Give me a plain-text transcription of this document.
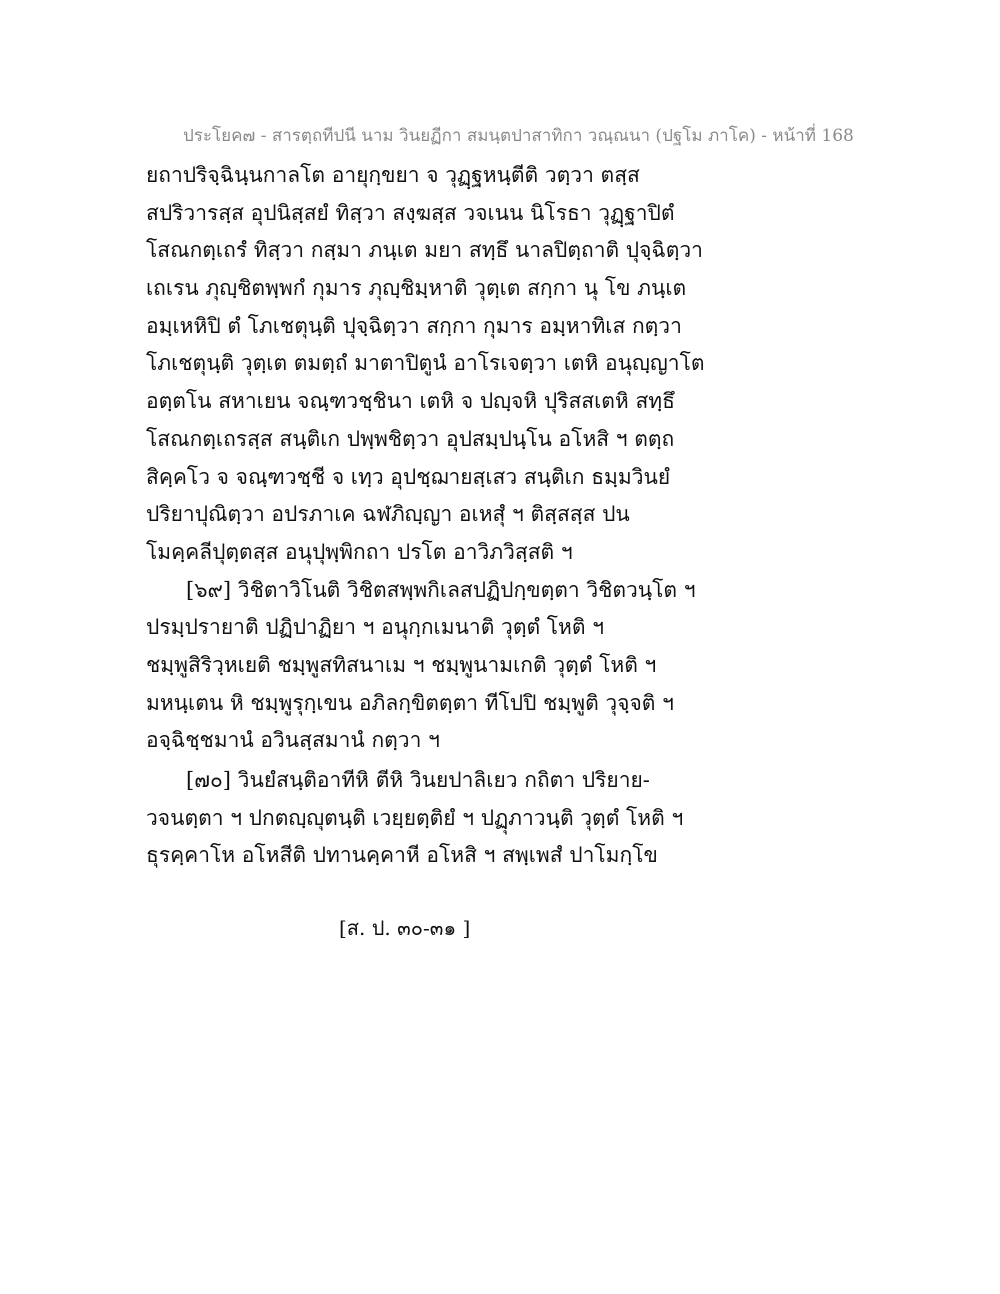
ประโยค๗ - สารตฺถทีปนี นาม วินยฏีกา สมนฺตปาสาทิกา วณฺณนา (ปฐโม ภาโค) - หน้าที่ 168
ยถาปริจฺฉินฺนกาลโต อายุกฺขยา จ วุฏฺฐหนฺตีติ วตฺวา ตสฺส
สปริวารสฺส อุปนิสฺสยํ ทิสฺวา สงฺฆสฺส วจเนน นิโรธา วุฏฺฐาปิตํ
โสณกตฺเถรํ ทิสฺวา กสฺมา ภนฺเต มยา สทฺธึ นาลปิตฺถาติ ปุจฺฉิตฺวา
เถเรน ภุญฺชิตพฺพกํ กุมาร ภุญฺชิมฺหาติ วุตฺเต สกฺกา นุ โข ภนฺเต
อมฺเหหิปิ ตํ โภเชตุนฺติ ปุจฺฉิตฺวา สกฺกา กุมาร อมฺหาทิเส กตฺวา
โภเชตุนฺติ วุตฺเต ตมตฺถํ มาตาปิตูนํ อาโรเจตฺวา เตหิ อนุญฺญาโต
อตฺตโน สหาเยน จณฺฑวชฺชินา เตหิ จ ปญฺจหิ ปุริสสเตหิ สทฺธึ
โสณกตฺเถรสฺส สนฺติเก ปพฺพชิตฺวา อุปสมฺปนฺโน อโหสิ ฯ ตตฺถ
สิคฺคโว จ จณฺฑวชฺชี จ เทฺว อุปชฺฌายสฺเสว สนฺติเก ธมฺมวินยํ
ปริยาปุณิตฺวา อปรภาเค ฉฬภิญฺญา อเหสุํ ฯ ติสฺสสฺส ปน
โมคฺคลีปุตฺตสฺส อนุปุพฺพิกถา ปรโต อาวิภวิสฺสติ ฯ
[๖๙] วิชิตาวิโนติ วิชิตสพฺพกิเลสปฏิปกฺขตฺตา วิชิตวนฺโต ฯ
ปรมฺปรายาติ ปฏิปาฏิยา ฯ อนุกฺกเมนาติ วุตฺตํ โหติ ฯ
ชมฺพูสิริวฺหเยติ ชมฺพูสทิสนาเม ฯ ชมฺพูนามเกติ วุตฺตํ โหติ ฯ
มหนฺเตน หิ ชมฺพูรุกฺเขน อภิลกฺขิตตฺตา ทีโปปิ ชมฺพูติ วุจฺจติ ฯ
อจฺฉิชฺชมานํ อวินสฺสมานํ กตฺวา ฯ
[๗๐] วินยํสนฺติอาทีหิ ตีหิ วินยปาลิเยว กถิตา ปริยาย-
วจนตฺตา ฯ ปกตญฺญุตนฺติ เวยฺยตฺติยํ ฯ ปฏุภาวนฺติ วุตฺตํ โหติ ฯ
ธุรคฺคาโห อโหสีติ ปทานคฺคาหี อโหสิ ฯ สพฺเพสํ ปาโมกฺโข
[ส. ป. ๓๐-๓๑ ]
